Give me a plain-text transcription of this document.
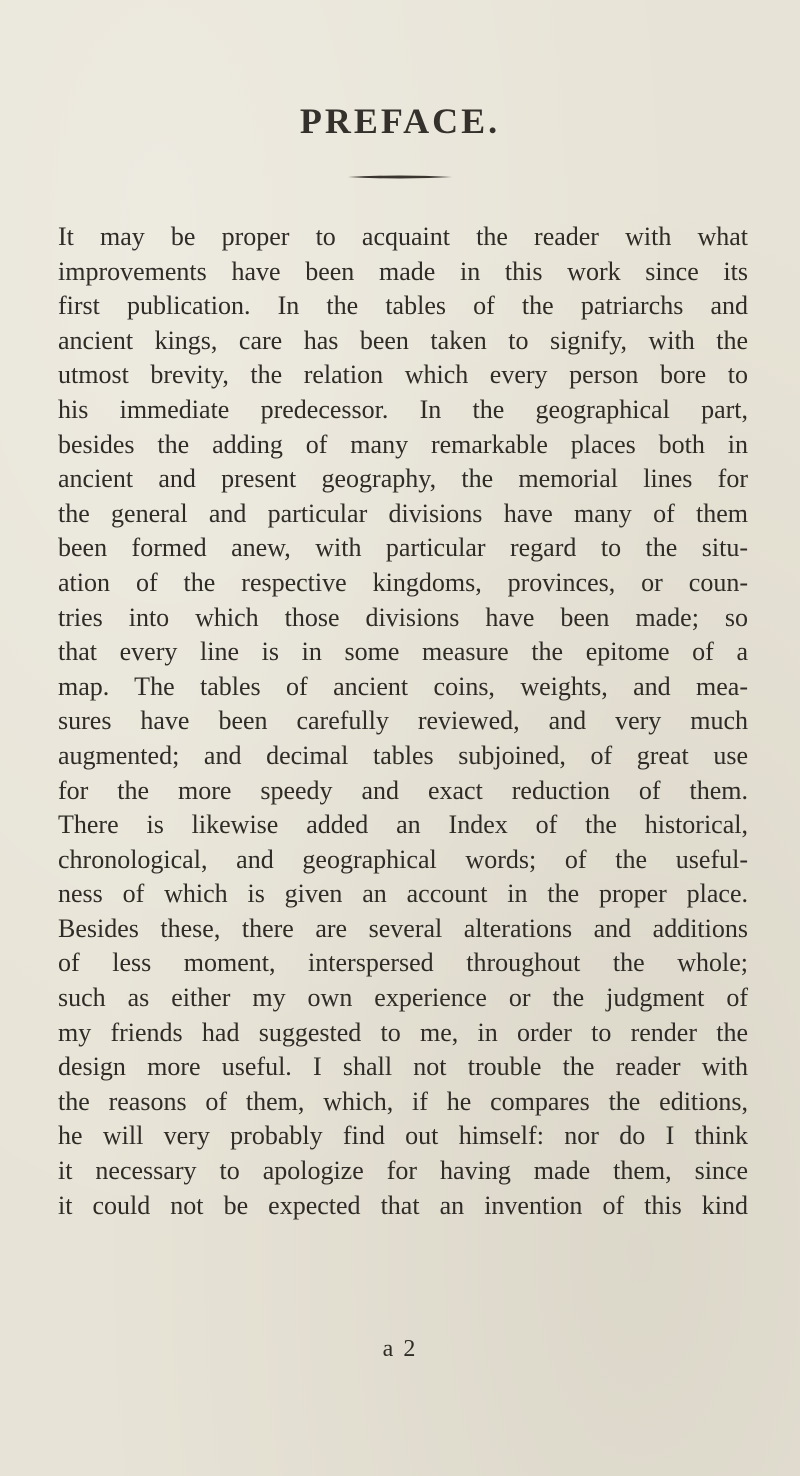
PREFACE.
It may be proper to acquaint the reader with what
improvements have been made in this work since its
first publication. In the tables of the patriarchs and
ancient kings, care has been taken to signify, with the
utmost brevity, the relation which every person bore to
his immediate predecessor. In the geographical part,
besides the adding of many remarkable places both in
ancient and present geography, the memorial lines for
the general and particular divisions have many of them
been formed anew, with particular regard to the situ-
ation of the respective kingdoms, provinces, or coun-
tries into which those divisions have been made; so
that every line is in some measure the epitome of a
map. The tables of ancient coins, weights, and mea-
sures have been carefully reviewed, and very much
augmented; and decimal tables subjoined, of great use
for the more speedy and exact reduction of them.
There is likewise added an Index of the historical,
chronological, and geographical words; of the useful-
ness of which is given an account in the proper place.
Besides these, there are several alterations and additions
of less moment, interspersed throughout the whole;
such as either my own experience or the judgment of
my friends had suggested to me, in order to render the
design more useful. I shall not trouble the reader with
the reasons of them, which, if he compares the editions,
he will very probably find out himself: nor do I think
it necessary to apologize for having made them, since
it could not be expected that an invention of this kind
a 2
